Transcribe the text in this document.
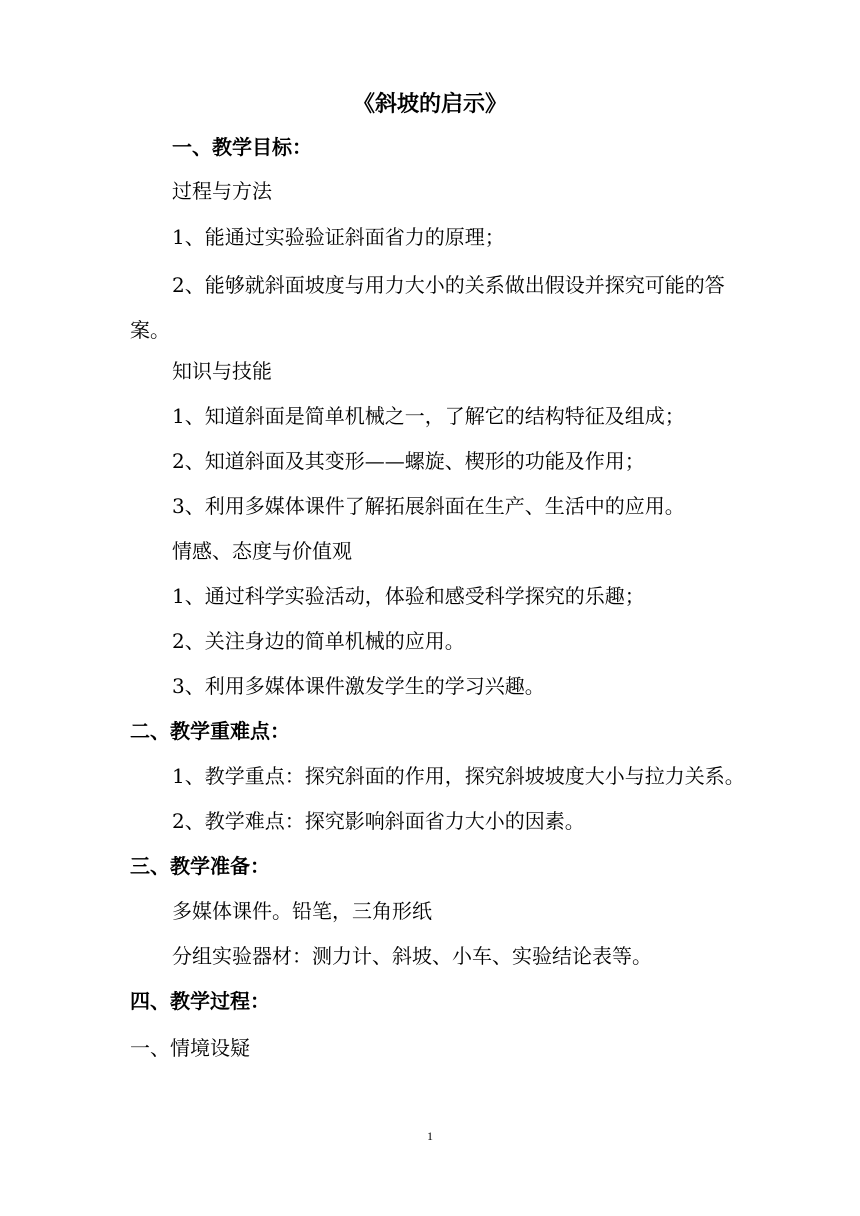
《斜坡的启示》
一、教学目标：
过程与方法
1、能通过实验验证斜面省力的原理；
2、能够就斜面坡度与用力大小的关系做出假设并探究可能的答案。
知识与技能
1、知道斜面是简单机械之一，了解它的结构特征及组成；
2、知道斜面及其变形——螺旋、楔形的功能及作用；
3、利用多媒体课件了解拓展斜面在生产、生活中的应用。
情感、态度与价值观
1、通过科学实验活动，体验和感受科学探究的乐趣；
2、关注身边的简单机械的应用。
3、利用多媒体课件激发学生的学习兴趣。
二、教学重难点：
1、教学重点：探究斜面的作用，探究斜坡坡度大小与拉力关系。
2、教学难点：探究影响斜面省力大小的因素。
三、教学准备：
多媒体课件。铅笔，三角形纸
分组实验器材：测力计、斜坡、小车、实验结论表等。
四、教学过程：
一、情境设疑
1
